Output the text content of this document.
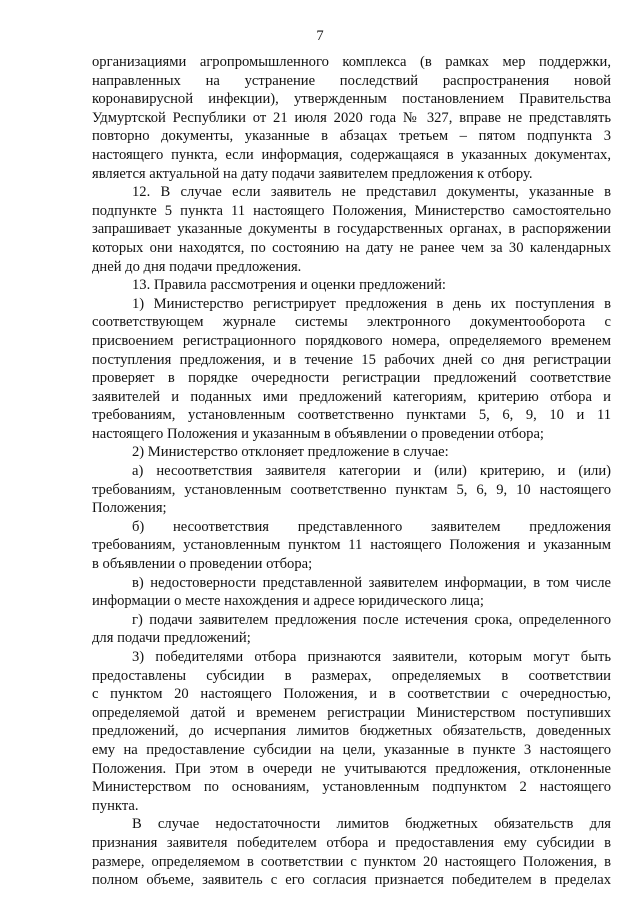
7
организациями агропромышленного комплекса (в рамках мер поддержки,
направленных на устранение последствий распространения новой
коронавирусной инфекции), утвержденным постановлением Правительства
Удмуртской Республики от 21 июля 2020 года № 327, вправе не представлять
повторно документы, указанные в абзацах третьем – пятом подпункта 3
настоящего пункта, если информация, содержащаяся в указанных документах,
является актуальной на дату подачи заявителем предложения к отбору.
12. В случае если заявитель не представил документы, указанные в
подпункте 5 пункта 11 настоящего Положения, Министерство самостоятельно
запрашивает указанные документы в государственных органах, в распоряжении
которых они находятся, по состоянию на дату не ранее чем за 30 календарных
дней до дня подачи предложения.
13. Правила рассмотрения и оценки предложений:
1) Министерство регистрирует предложения в день их поступления в
соответствующем журнале системы электронного документооборота с
присвоением регистрационного порядкового номера, определяемого временем
поступления предложения, и в течение 15 рабочих дней со дня регистрации
проверяет в порядке очередности регистрации предложений соответствие
заявителей и поданных ими предложений категориям, критерию отбора и
требованиям, установленным соответственно пунктами 5, 6, 9, 10 и 11
настоящего Положения и указанным в объявлении о проведении отбора;
2) Министерство отклоняет предложение в случае:
а) несоответствия заявителя категории и (или) критерию, и (или)
требованиям, установленным соответственно пунктам 5, 6, 9, 10 настоящего
Положения;
б) несоответствия представленного заявителем предложения
требованиям, установленным пунктом 11 настоящего Положения и указанным
в объявлении о проведении отбора;
в) недостоверности представленной заявителем информации, в том числе
информации о месте нахождения и адресе юридического лица;
г) подачи заявителем предложения после истечения срока, определенного
для подачи предложений;
3) победителями отбора признаются заявители, которым могут быть
предоставлены субсидии в размерах, определяемых в соответствии
с пунктом 20 настоящего Положения, и в соответствии с очередностью,
определяемой датой и временем регистрации Министерством поступивших
предложений, до исчерпания лимитов бюджетных обязательств, доведенных
ему на предоставление субсидии на цели, указанные в пункте 3 настоящего
Положения. При этом в очереди не учитываются предложения, отклоненные
Министерством по основаниям, установленным подпунктом 2 настоящего
пункта.
В случае недостаточности лимитов бюджетных обязательств для
признания заявителя победителем отбора и предоставления ему субсидии в
размере, определяемом в соответствии с пунктом 20 настоящего Положения, в
полном объеме, заявитель с его согласия признается победителем в пределах
